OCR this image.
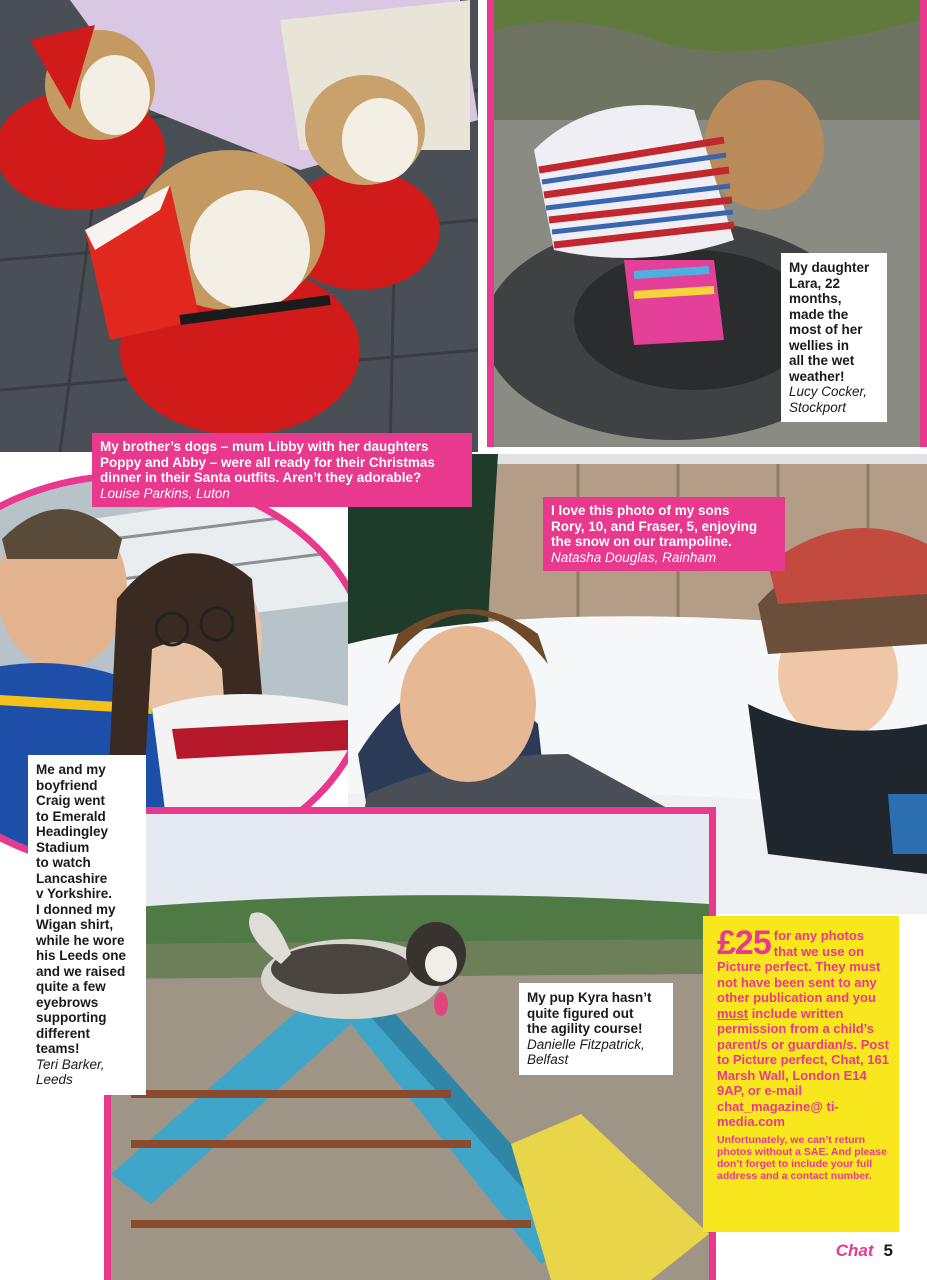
My brother’s dogs – mum Libby with her daughters
Poppy and Abby – were all ready for their Christmas
dinner in their Santa outfits. Aren’t they adorable?
Louise Parkins, Luton
My daughter
Lara, 22
months,
made the
most of her
wellies in
all the wet
weather!
Lucy Cocker,
Stockport
I love this photo of my sons
Rory, 10, and Fraser, 5, enjoying
the snow on our trampoline.
Natasha Douglas, Rainham
Me and my
boyfriend
Craig went
to Emerald
Headingley
Stadium
to watch
Lancashire
v Yorkshire.
I donned my
Wigan shirt,
while he wore
his Leeds one
and we raised
quite a few
eyebrows
supporting
different
teams!
Teri Barker,
Leeds
My pup Kyra hasn’t
quite figured out
the agility course!
Danielle Fitzpatrick,
Belfast
£25 for any photos that we use on Picture perfect. They must not have been sent to any other publication and you must include written permission from a child’s parent/s or guardian/s. Post to Picture perfect, Chat, 161 Marsh Wall, London E14 9AP, or e-mail chat_magazine@ ti-media.com
Unfortunately, we can’t return photos without a SAE. And please don’t forget to include your full address and a contact number.
Chat 5
